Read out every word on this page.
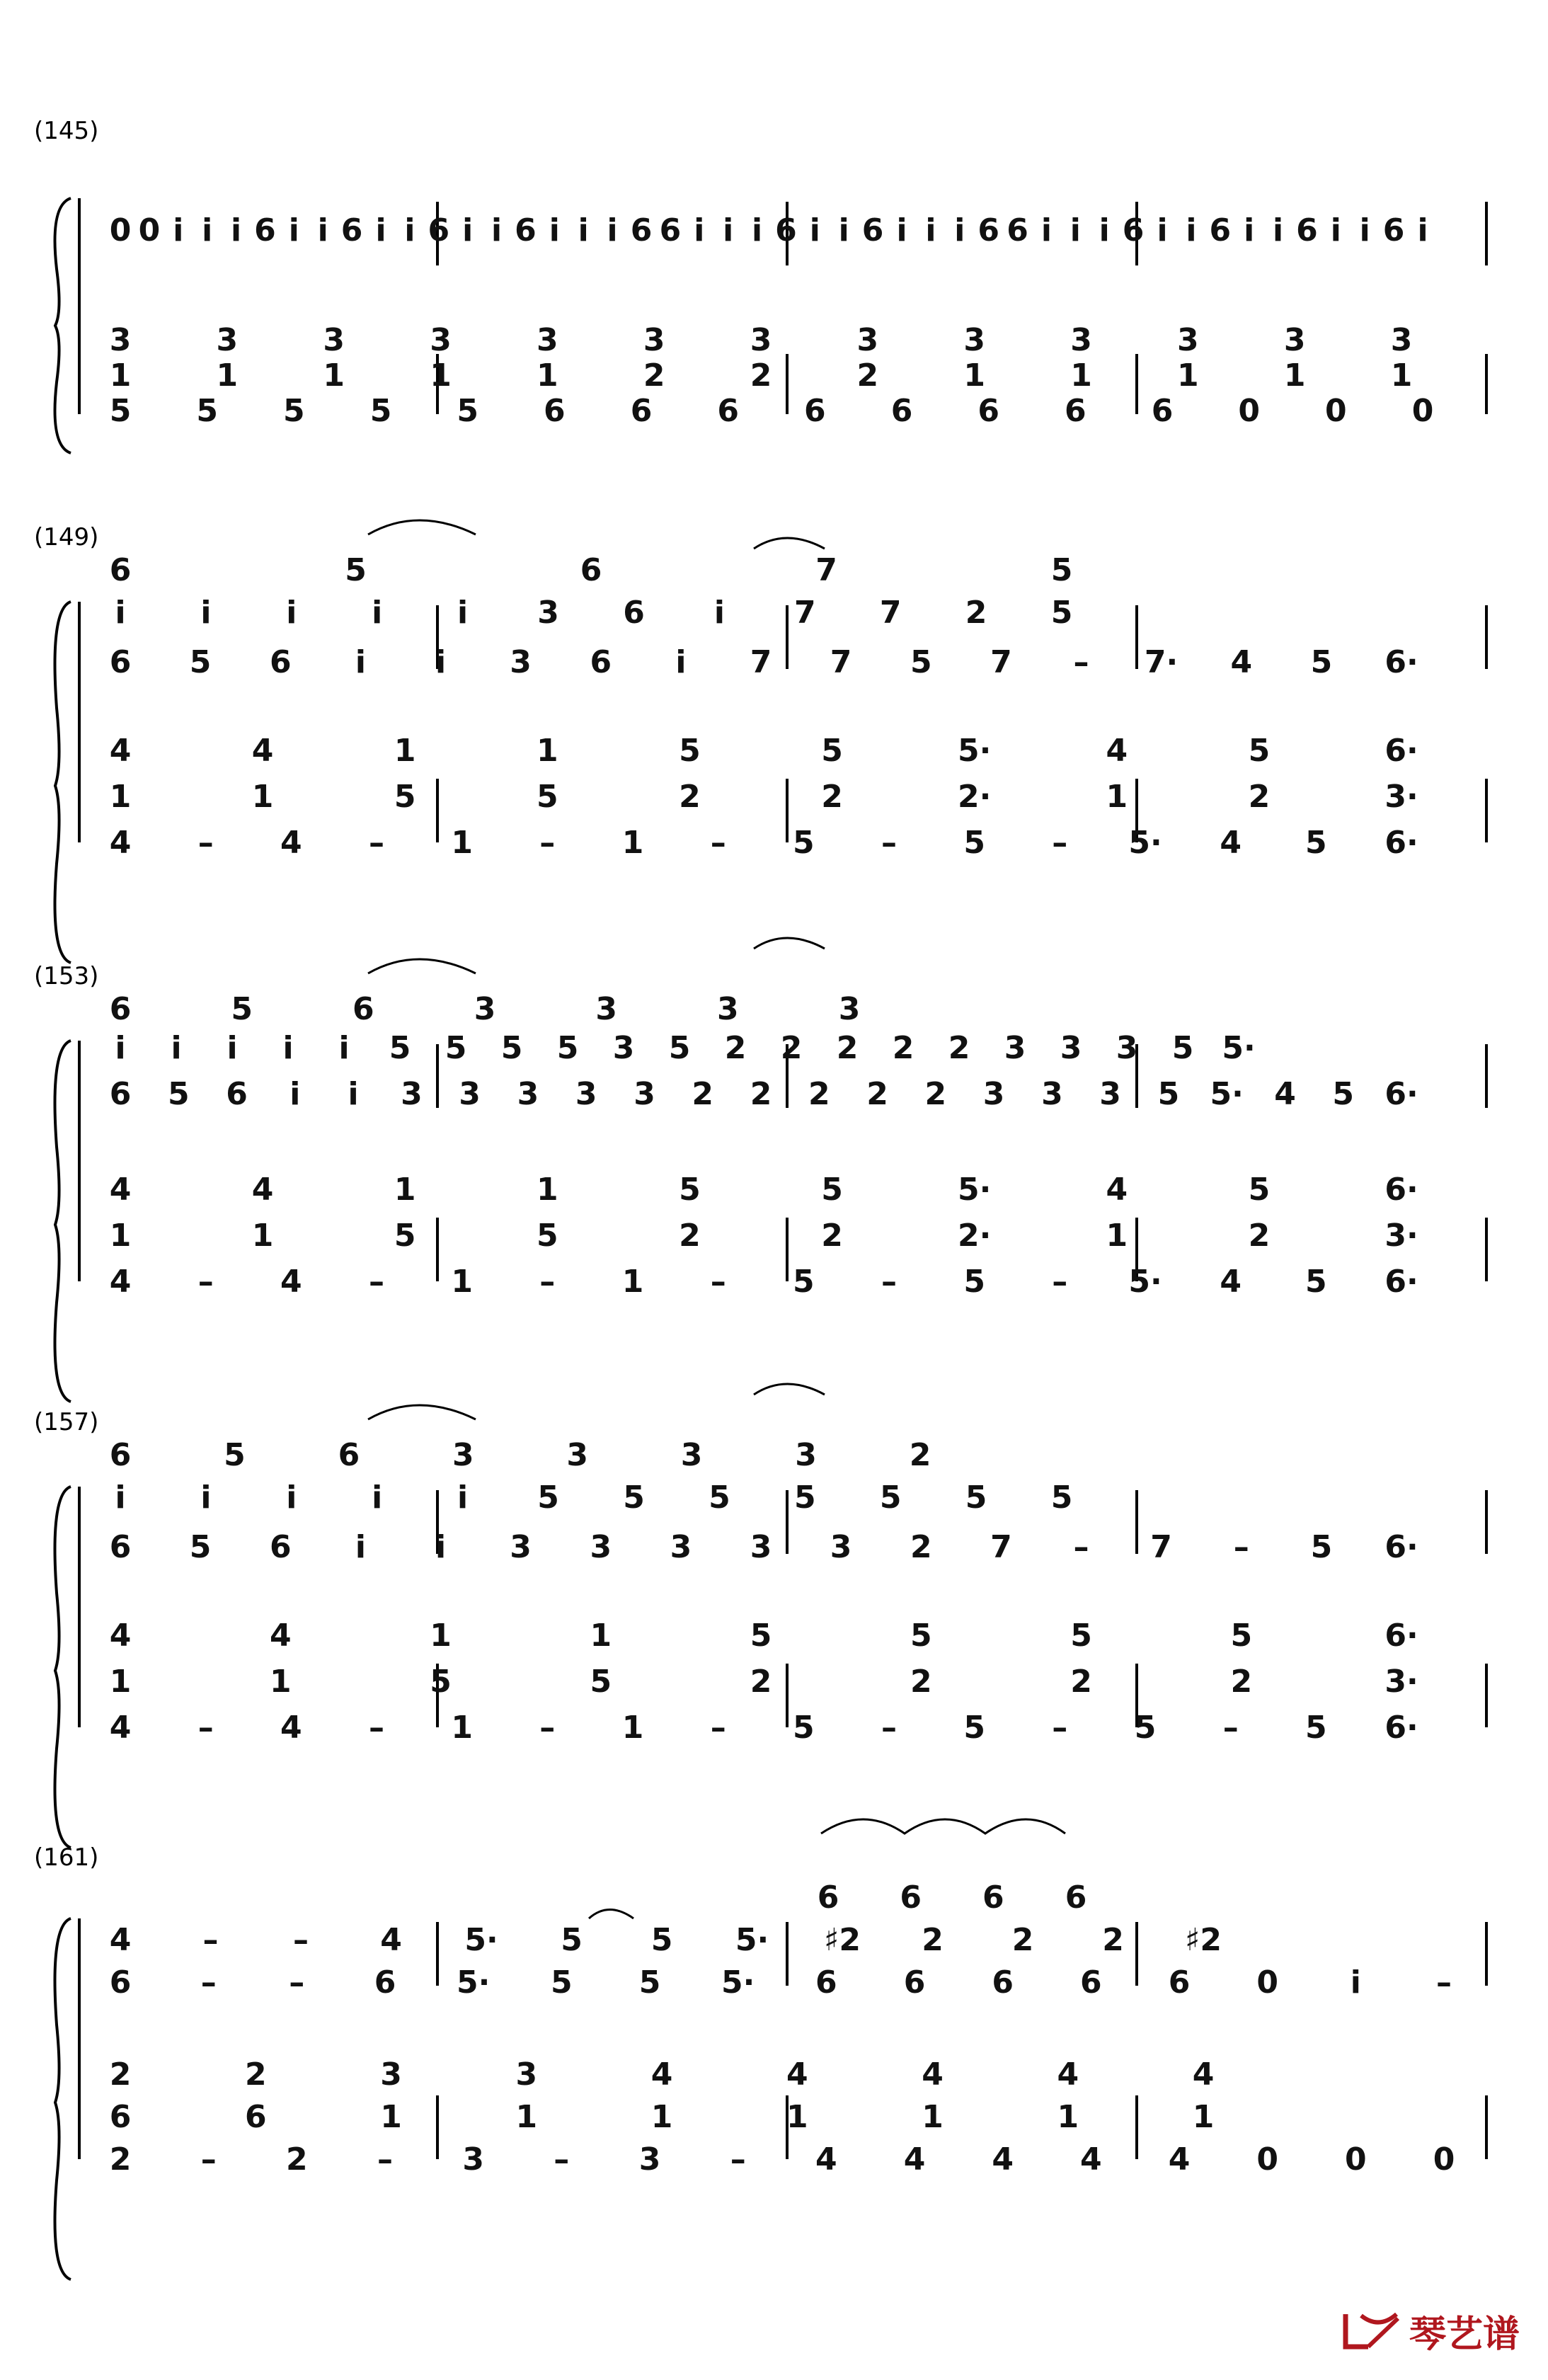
(145)
0 0 i i i 6 i i 6 i i 6 i i 6 i i i 6 6 i i i 6 i i 6 i i i 6 6 i i i 6 i i 6 i i 6 i i 6 i
3	3	3	3	3	3	3	3	3	3	3	3	3
1	1	1	1	1	2	2	2	1	1	1	1	1
5 5 5 5 5 6 6 6 6 6 6 6 6 0 0 0
(149)
6	5	6	7	5
i i i i i 3 6 i 7 7 2 5
6 5 6 i i 3 6 i 7 7 5 7 – 7· 4 5 6·
4	4	1	1	5	5	5·	4	5	6·
1	1	5	5	2	2	2·	1	2	3·
4 – 4 – 1 – 1 – 5 – 5 – 5· 4 5 6·
(153)
6	5	6	3	3	3	3
i i i i i 5 5 5 5 3 5 2 2 2 2 2 3 3 3 5 5·
6 5 6 i i 3 3 3 3 3 2 2 2 2 2 3 3 3 5 5· 4 5 6·
4	4	1	1	5	5	5·	4	5	6·
1	1	5	5	2	2	2·	1	2	3·
4 – 4 – 1 – 1 – 5 – 5 – 5· 4 5 6·
(157)
6	5	6	3	3	3	3	2
i i i i i 5 5 5 5 5 5 5
6 5 6 i i 3 3 3 3 3 2 7 – 7 – 5 6·
4	4	1	1	5	5	5	5	6·
1	1	5	5	2	2	2	2	3·
4 – 4 – 1 – 1 – 5 – 5 – 5 – 5 6·
(161)
6 6 6 6
4 – – 4 5· 5 5 5· ♯2 2 2 2 ♯2
6 – – 6 5· 5 5 5· 6 6 6 6 6 0 i –
2	2	3	3	4	4	4	4	4
6	6	1	1	1	1	1	1	1
2 – 2 – 3 – 3 – 4 4 4 4 4 0 0 0
琴艺谱
